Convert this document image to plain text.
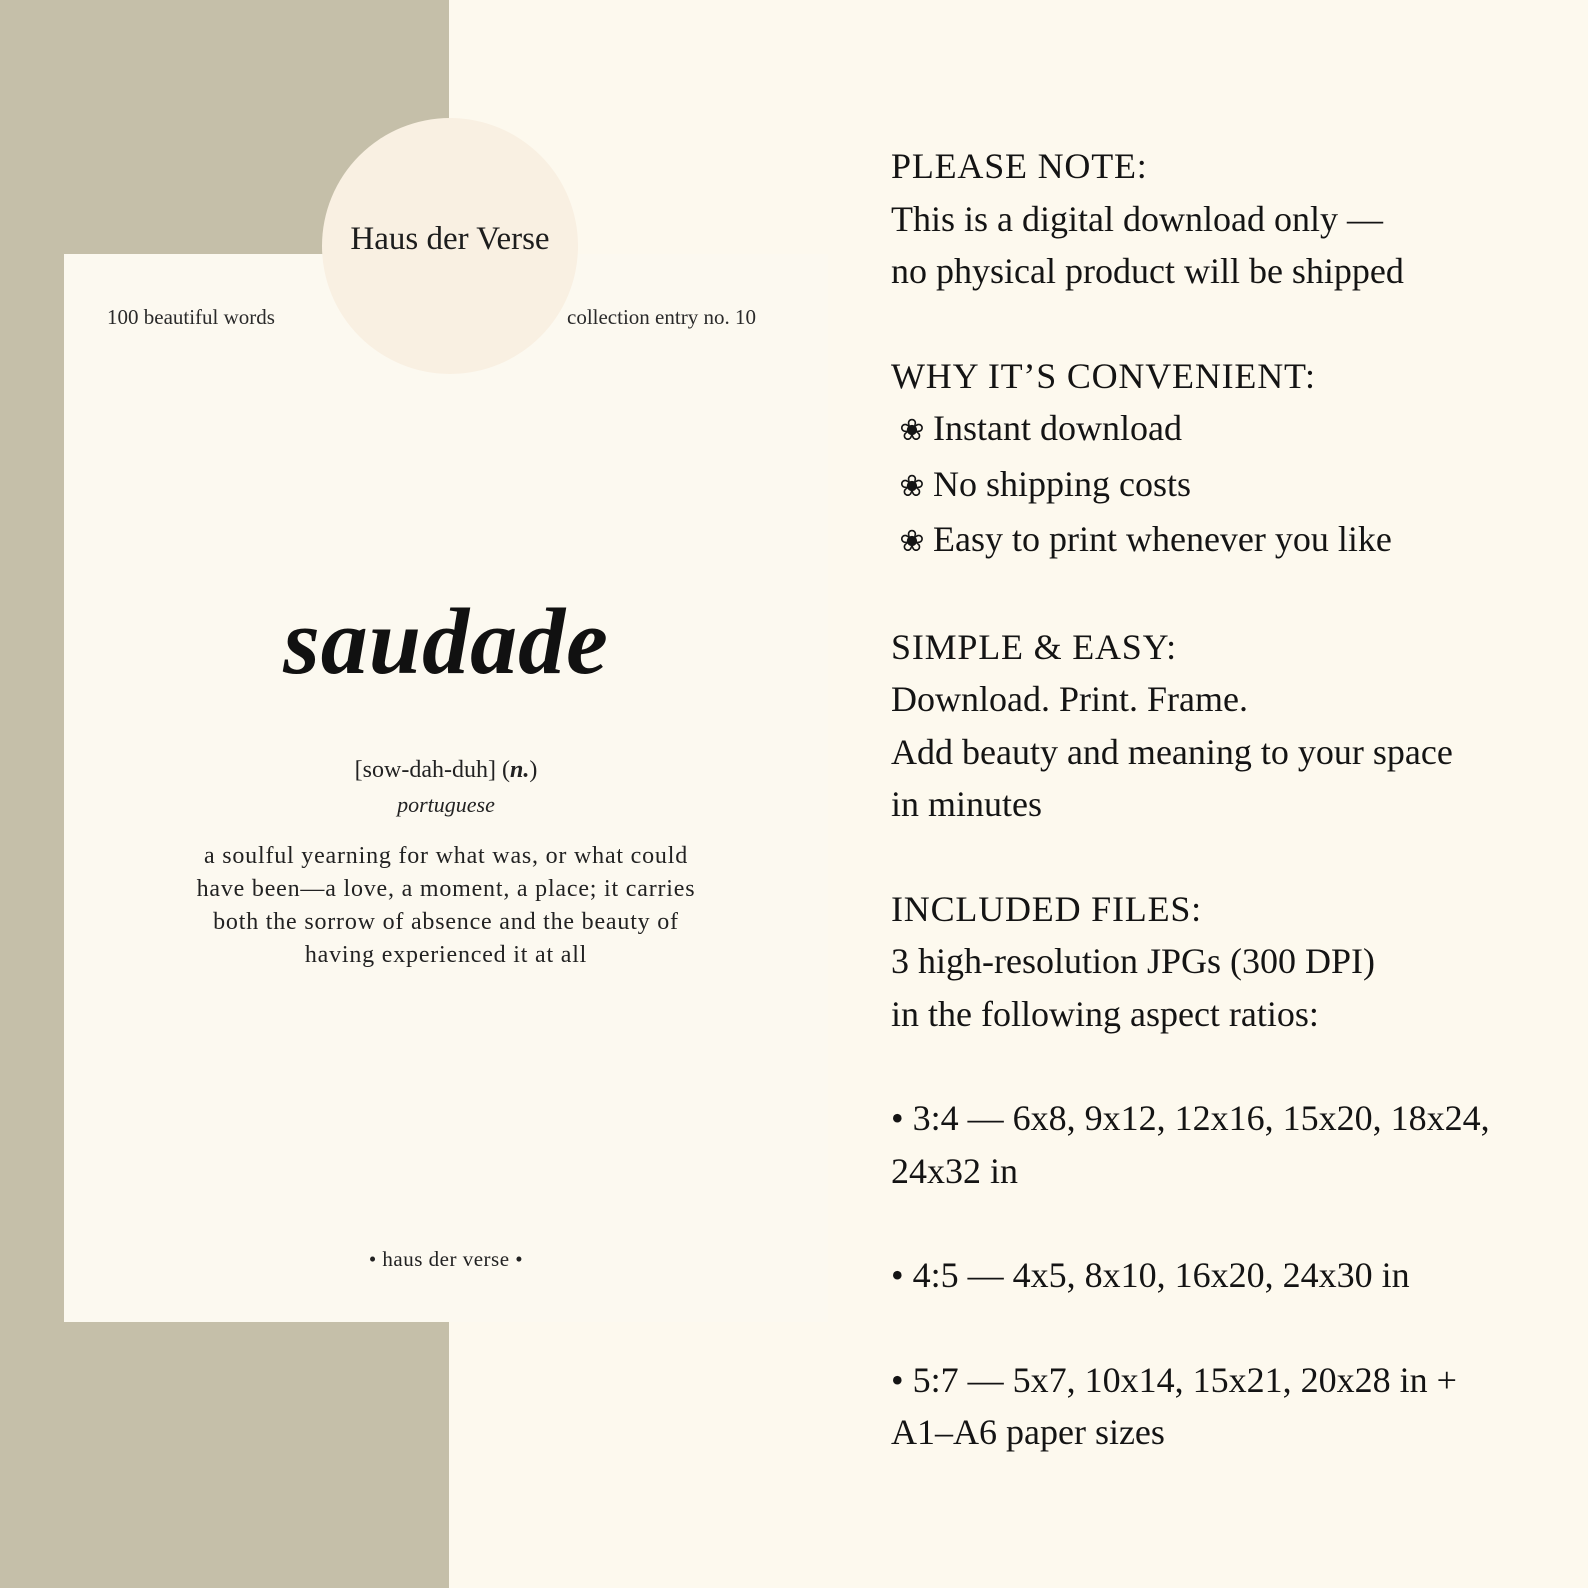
Haus der Verse
100 beautiful words	collection entry no. 10
saudade
[sow-dah-duh] (n.)
portuguese
a soulful yearning for what was, or what could
have been—a love, a moment, a place; it carries
both the sorrow of absence and the beauty of
having experienced it at all
• haus der verse •
PLEASE NOTE:
This is a digital download only —
no physical product will be shipped
WHY IT’S CONVENIENT:
❀ Instant download
❀ No shipping costs
❀ Easy to print whenever you like
SIMPLE & EASY:
Download. Print. Frame.
Add beauty and meaning to your space
in minutes
INCLUDED FILES:
3 high-resolution JPGs (300 DPI)
in the following aspect ratios:
• 3:4 — 6x8, 9x12, 12x16, 15x20, 18x24,
24x32 in
• 4:5 — 4x5, 8x10, 16x20, 24x30 in
• 5:7 — 5x7, 10x14, 15x21, 20x28 in +
A1–A6 paper sizes
